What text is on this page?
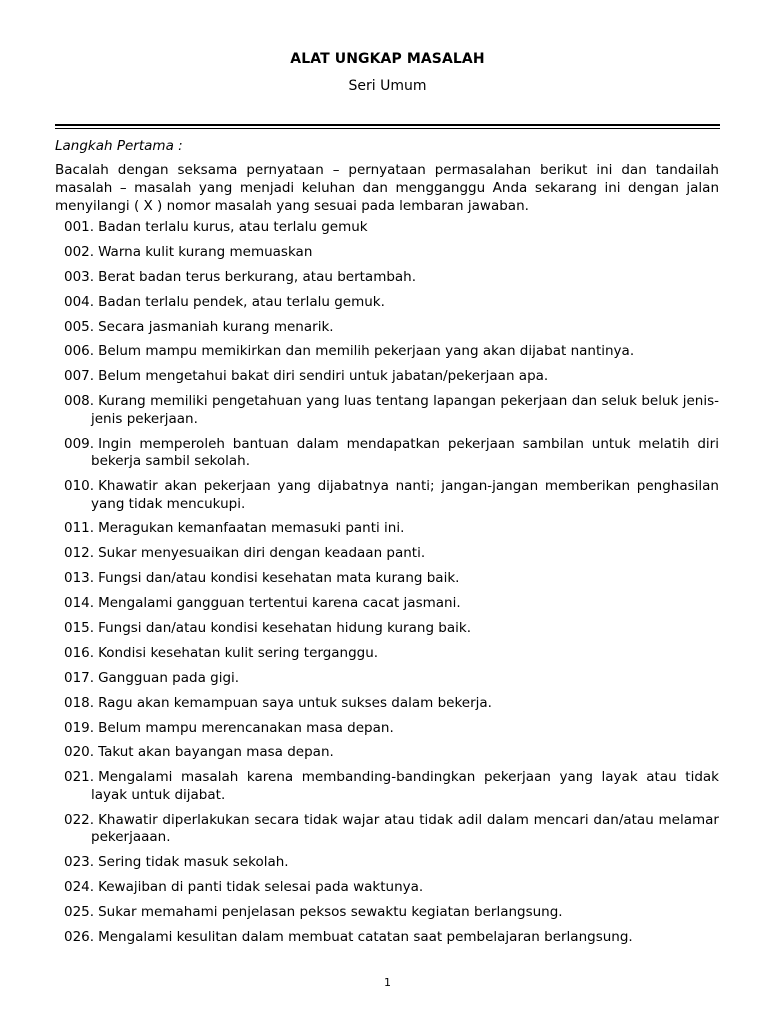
ALAT UNGKAP MASALAH
Seri Umum
Langkah Pertama :
Bacalah dengan seksama pernyataan – pernyataan permasalahan berikut ini dan tandailah masalah – masalah yang menjadi keluhan dan mengganggu Anda sekarang ini dengan jalan menyilangi ( X ) nomor masalah yang sesuai pada lembaran jawaban.
001. Badan terlalu kurus, atau terlalu gemuk
002. Warna kulit kurang memuaskan
003. Berat badan terus berkurang, atau bertambah.
004. Badan terlalu pendek, atau terlalu gemuk.
005. Secara jasmaniah kurang menarik.
006. Belum mampu memikirkan dan memilih pekerjaan yang akan dijabat nantinya.
007. Belum mengetahui bakat diri sendiri untuk jabatan/pekerjaan apa.
008. Kurang memiliki pengetahuan yang luas tentang lapangan pekerjaan dan seluk beluk jenis-jenis pekerjaan.
009. Ingin memperoleh bantuan dalam mendapatkan pekerjaan sambilan untuk melatih diri bekerja sambil sekolah.
010. Khawatir akan pekerjaan yang dijabatnya nanti; jangan-jangan memberikan penghasilan yang tidak mencukupi.
011. Meragukan kemanfaatan memasuki panti ini.
012. Sukar menyesuaikan diri dengan keadaan panti.
013. Fungsi dan/atau kondisi kesehatan mata kurang baik.
014. Mengalami gangguan tertentui karena cacat jasmani.
015. Fungsi dan/atau kondisi kesehatan hidung kurang baik.
016. Kondisi kesehatan kulit sering terganggu.
017. Gangguan pada gigi.
018. Ragu akan kemampuan saya untuk sukses dalam bekerja.
019. Belum mampu merencanakan masa depan.
020. Takut akan bayangan masa depan.
021. Mengalami masalah karena membanding-bandingkan pekerjaan yang layak atau tidak layak untuk dijabat.
022. Khawatir diperlakukan secara tidak wajar atau tidak adil dalam mencari dan/atau melamar pekerjaaan.
023. Sering tidak masuk sekolah.
024. Kewajiban di panti tidak selesai pada waktunya.
025. Sukar memahami penjelasan peksos sewaktu kegiatan berlangsung.
026. Mengalami kesulitan dalam membuat catatan saat pembelajaran berlangsung.
1
